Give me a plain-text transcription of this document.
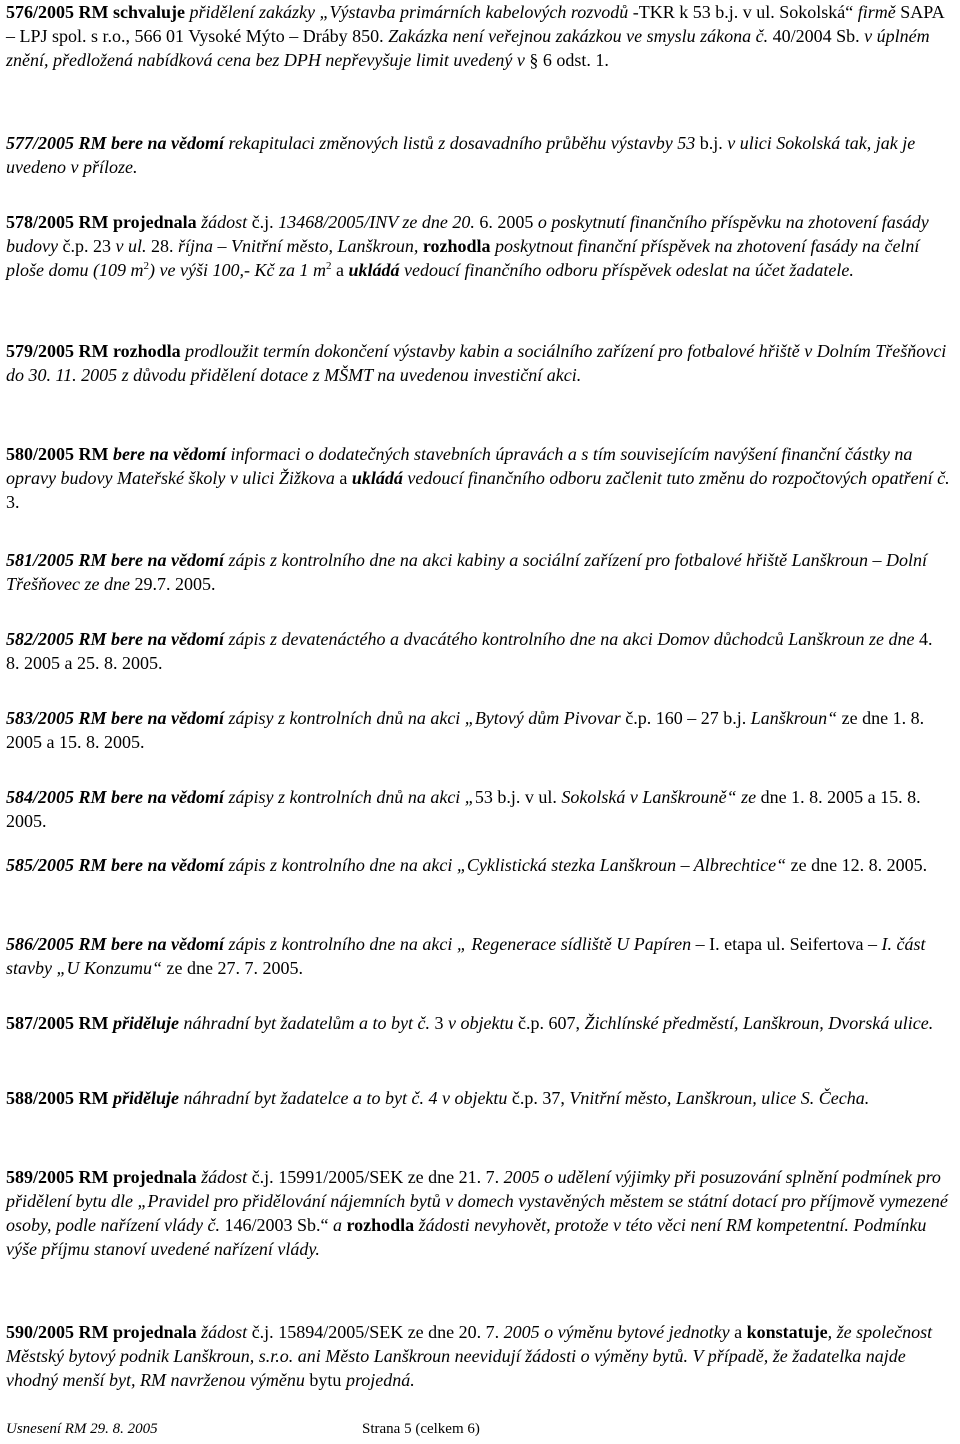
576/2005 RM schvaluje přidělení zakázky „Výstavba primárních kabelových rozvodů -TKR k 53 b.j. v ul. Sokolská“ firmě SAPA – LPJ spol. s r.o., 566 01 Vysoké Mýto – Dráby 850. Zakázka není veřejnou zakázkou ve smyslu zákona č. 40/2004 Sb. v úplném znění, předložená nabídková cena bez DPH nepřevyšuje limit uvedený v § 6 odst. 1.

577/2005 RM bere na vědomí rekapitulaci změnových listů z dosavadního průběhu výstavby 53 b.j. v ulici Sokolská tak, jak je uvedeno v příloze.

578/2005 RM projednala žádost č.j. 13468/2005/INV ze dne 20. 6. 2005 o poskytnutí finančního příspěvku na zhotovení fasády budovy č.p. 23 v ul. 28. října – Vnitřní město, Lanškroun, rozhodla poskytnout finanční příspěvek na zhotovení fasády na čelní ploše domu (109 $m^2$) ve výši 100,- Kč za 1 $m^2$ a ukládá vedoucí finančního odboru příspěvek odeslat na účet žadatele.

579/2005 RM rozhodla prodloužit termín dokončení výstavby kabin a sociálního zařízení pro fotbalové hřiště v Dolním Třešňovci do 30. 11. 2005 z důvodu přidělení dotace z MŠMT na uvedenou investiční akci.

580/2005 RM bere na vědomí informaci o dodatečných stavebních úpravách a s tím souvisejícím navýšení finanční částky na opravy budovy Mateřské školy v ulici Žižkova a ukládá vedoucí finančního odboru začlenit tuto změnu do rozpočtových opatření č. 3.

581/2005 RM bere na vědomí zápis z kontrolního dne na akci kabiny a sociální zařízení pro fotbalové hřiště Lanškroun – Dolní Třešňovec ze dne 29.7. 2005.

582/2005 RM bere na vědomí zápis z devatenáctého a dvacátého kontrolního dne na akci Domov důchodců Lanškroun ze dne 4. 8. 2005 a 25. 8. 2005.

583/2005 RM bere na vědomí zápisy z kontrolních dnů na akci „Bytový dům Pivovar č.p. 160 – 27 b.j. Lanškroun“ ze dne 1. 8. 2005 a 15. 8. 2005.

584/2005 RM bere na vědomí zápisy z kontrolních dnů na akci „53 b.j. v ul. Sokolská v Lanškrouně“ ze dne 1. 8. 2005 a 15. 8. 2005.

585/2005 RM bere na vědomí zápis z kontrolního dne na akci „Cyklistická stezka Lanškroun – Albrechtice“ ze dne 12. 8. 2005.

586/2005 RM bere na vědomí zápis z kontrolního dne na akci „ Regenerace sídliště U Papíren – I. etapa ul. Seifertova – I. část stavby „U Konzumu“ ze dne 27. 7. 2005.

587/2005 RM přiděluje náhradní byt žadatelům a to byt č. 3 v objektu č.p. 607, Žichlínské předměstí, Lanškroun, Dvorská ulice.

588/2005 RM přiděluje náhradní byt žadatelce a to byt č. 4 v objektu č.p. 37, Vnitřní město, Lanškroun, ulice S. Čecha.

589/2005 RM projednala žádost č.j. 15991/2005/SEK ze dne 21. 7. 2005 o udělení výjimky při posuzování splnění podmínek pro přidělení bytu dle „Pravidel pro přidělování nájemních bytů v domech vystavěných městem se státní dotací pro příjmově vymezené osoby, podle nařízení vlády č. 146/2003 Sb.“ a rozhodla žádosti nevyhovět, protože v této věci není RM kompetentní. Podmínku výše příjmu stanoví uvedené nařízení vlády.

590/2005 RM projednala žádost č.j. 15894/2005/SEK ze dne 20. 7. 2005 o výměnu bytové jednotky a konstatuje, že společnost Městský bytový podnik Lanškroun, s.r.o. ani Město Lanškroun neevidují žádosti o výměny bytů. V případě, že žadatelka najde vhodný menší byt, RM navrženou výměnu bytu projedná.

Usnesení RM 29. 8. 2005	Strana 5 (celkem 6)
